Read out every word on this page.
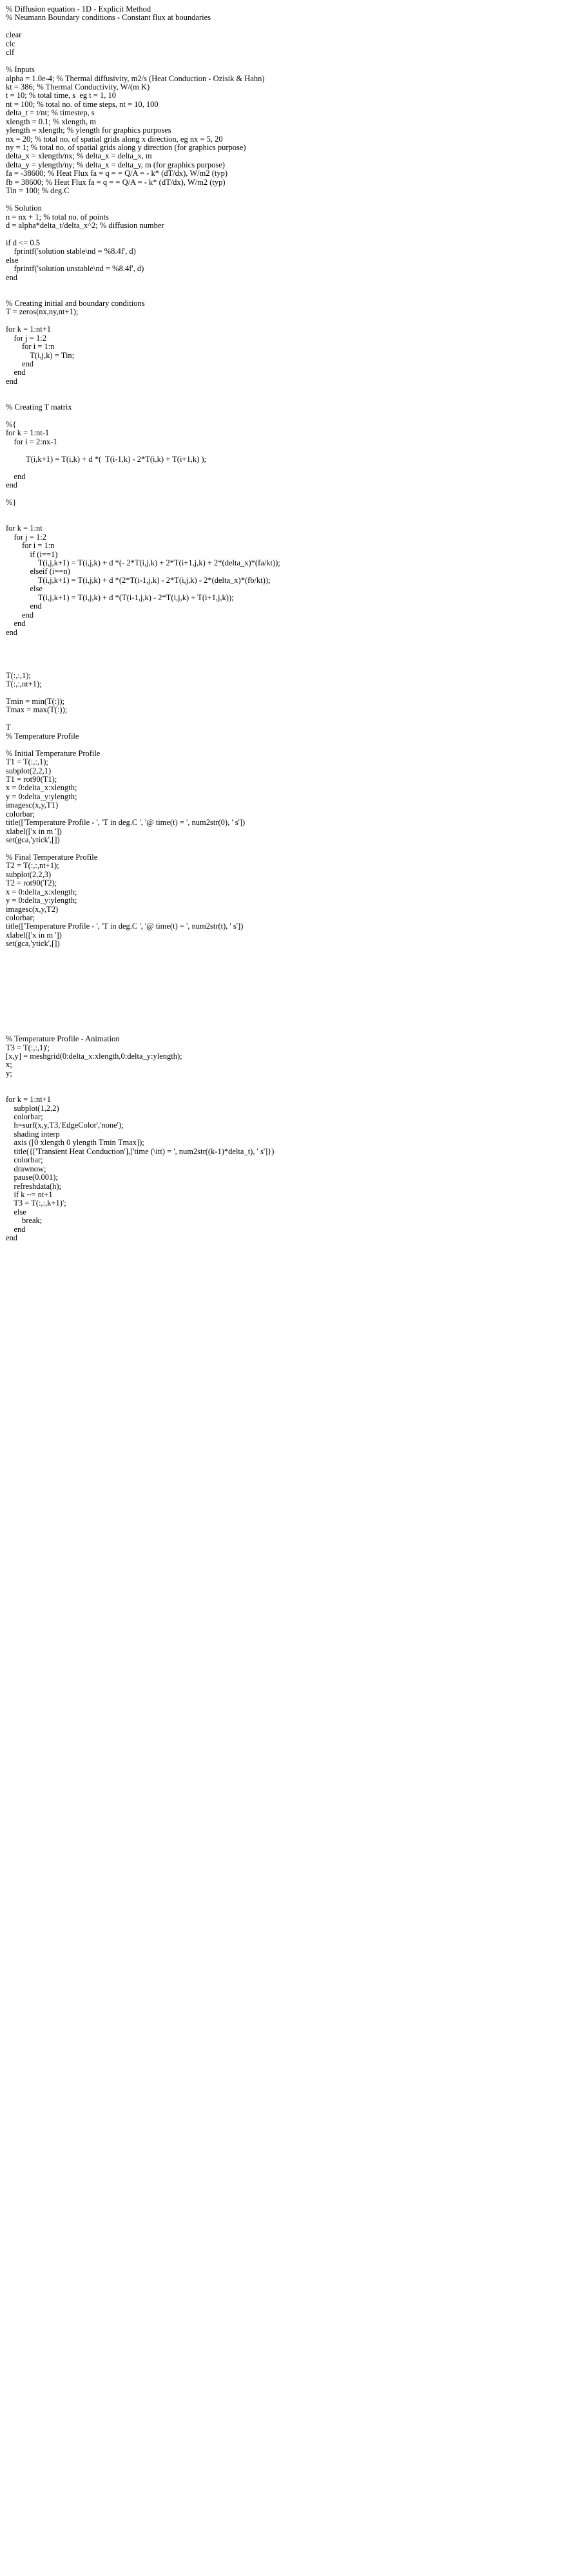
% Diffusion equation - 1D - Explicit Method
% Neumann Boundary conditions - Constant flux at boundaries
clear
clc
clf
% Inputs
alpha = 1.0e-4; % Thermal diffusivity, m2/s (Heat Conduction - Ozisik & Hahn)
kt = 386; % Thermal Conductivity, W/(m K)
t = 10; % total time, s  eg t = 1, 10
nt = 100; % total no. of time steps, nt = 10, 100
delta_t = t/nt; % timestep, s
xlength = 0.1; % xlength, m
ylength = xlength; % ylength for graphics purposes
nx = 20; % total no. of spatial grids along x direction, eg nx = 5, 20
ny = 1; % total no. of spatial grids along y direction (for graphics purpose)
delta_x = xlength/nx; % delta_x = delta_x, m
delta_y = ylength/ny; % delta_x = delta_y, m (for graphics purpose)
fa = -38600; % Heat Flux fa = q = = Q/A = - k* (dT/dx), W/m2 (typ)
fb = 38600; % Heat Flux fa = q = = Q/A = - k* (dT/dx), W/m2 (typ)
Tin = 100; % deg.C
% Solution
n = nx + 1; % total no. of points
d = alpha*delta_t/delta_x^2; % diffusion number
if d <= 0.5
fprintf('solution stable\nd = %8.4f', d)
else
fprintf('solution unstable\nd = %8.4f', d)
end
% Creating initial and boundary conditions
T = zeros(nx,ny,nt+1);
for k = 1:nt+1
for j = 1:2
for i = 1:n
T(i,j,k) = Tin;
end
end
end
% Creating T matrix
%{
for k = 1:nt-1
for i = 2:nx-1
T(i,k+1) = T(i,k) + d *(  T(i-1,k) - 2*T(i,k) + T(i+1,k) );
end
end
%}
for k = 1:nt
for j = 1:2
for i = 1:n
if (i==1)
T(i,j,k+1) = T(i,j,k) + d *(- 2*T(i,j,k) + 2*T(i+1,j,k) + 2*(delta_x)*(fa/kt));
elseif (i==n)
T(i,j,k+1) = T(i,j,k) + d *(2*T(i-1,j,k) - 2*T(i,j,k) - 2*(delta_x)*(fb/kt));
else
T(i,j,k+1) = T(i,j,k) + d *(T(i-1,j,k) - 2*T(i,j,k) + T(i+1,j,k));
end
end
end
end
T(:,:,1);
T(:,:,nt+1);
Tmin = min(T(:));
Tmax = max(T(:));
T
% Temperature Profile
% Initial Temperature Profile
T1 = T(:,:,1);
subplot(2,2,1)
T1 = rot90(T1);
x = 0:delta_x:xlength;
y = 0:delta_y:ylength;
imagesc(x,y,T1)
colorbar;
title(['Temperature Profile - ', 'T in deg.C ', '@ time(t) = ', num2str(0), ' s'])
xlabel(['x in m '])
set(gca,'ytick',[])
% Final Temperature Profile
T2 = T(:,:,nt+1);
subplot(2,2,3)
T2 = rot90(T2);
x = 0:delta_x:xlength;
y = 0:delta_y:ylength;
imagesc(x,y,T2)
colorbar;
title(['Temperature Profile - ', 'T in deg.C ', '@ time(t) = ', num2str(t), ' s'])
xlabel(['x in m '])
set(gca,'ytick',[])
% Temperature Profile - Animation
T3 = T(:,:,1)';
[x,y] = meshgrid(0:delta_x:xlength,0:delta_y:ylength);
x;
y;
for k = 1:nt+1
subplot(1,2,2)
colorbar;
h=surf(x,y,T3,'EdgeColor','none');
shading interp
axis ([0 xlength 0 ylength Tmin Tmax]);
title({['Transient Heat Conduction'],['time (\itt) = ', num2str((k-1)*delta_t), ' s']})
colorbar;
drawnow;
pause(0.001);
refreshdata(h);
if k ~= nt+1
T3 = T(:,:,k+1)';
else
break;
end
end
